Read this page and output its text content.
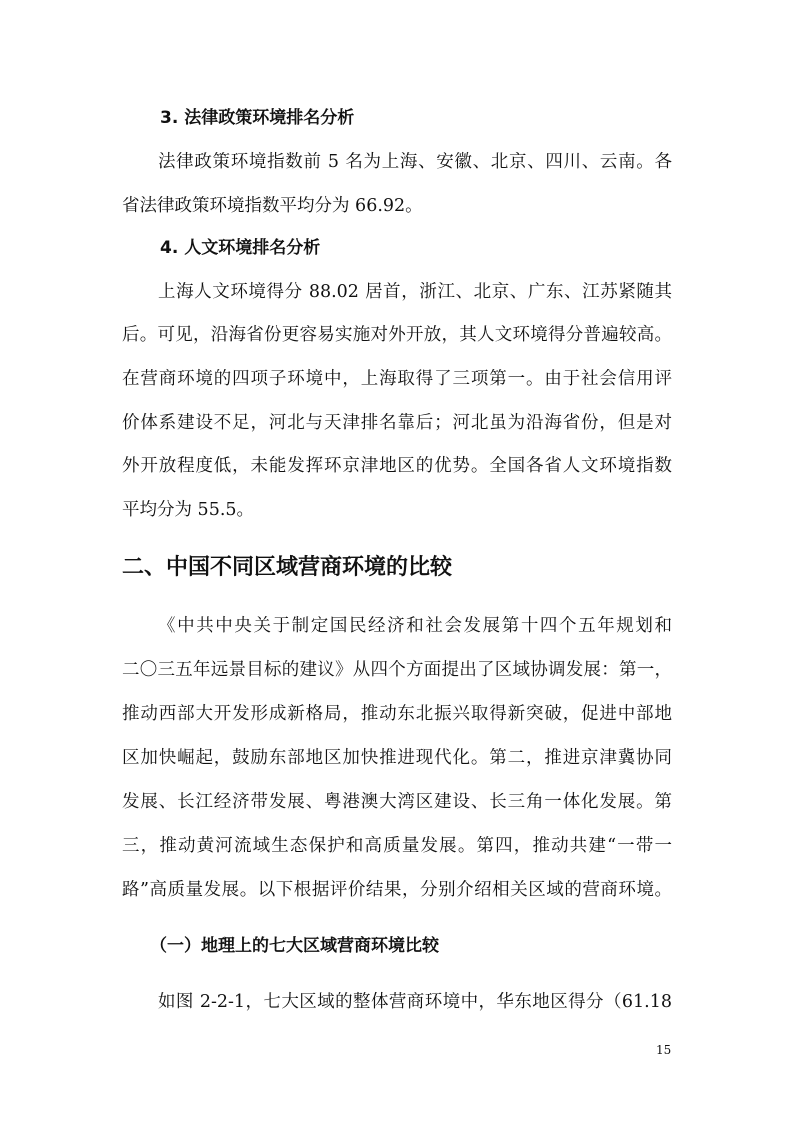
3. 法律政策环境排名分析
法律政策环境指数前 5 名为上海、安徽、北京、四川、云南。各
省法律政策环境指数平均分为 66.92。
4. 人文环境排名分析
上海人文环境得分 88.02 居首，浙江、北京、广东、江苏紧随其
后。可见，沿海省份更容易实施对外开放，其人文环境得分普遍较高。
在营商环境的四项子环境中，上海取得了三项第一。由于社会信用评
价体系建设不足，河北与天津排名靠后；河北虽为沿海省份，但是对
外开放程度低，未能发挥环京津地区的优势。全国各省人文环境指数
平均分为 55.5。
二、中国不同区域营商环境的比较
《中共中央关于制定国民经济和社会发展第十四个五年规划和
二〇三五年远景目标的建议》从四个方面提出了区域协调发展：第一，
推动西部大开发形成新格局，推动东北振兴取得新突破，促进中部地
区加快崛起，鼓励东部地区加快推进现代化。第二，推进京津冀协同
发展、长江经济带发展、粤港澳大湾区建设、长三角一体化发展。第
三，推动黄河流域生态保护和高质量发展。第四，推动共建“一带一
路”高质量发展。以下根据评价结果，分别介绍相关区域的营商环境。
（一）地理上的七大区域营商环境比较
如图 2-2-1，七大区域的整体营商环境中，华东地区得分（61.18
15
